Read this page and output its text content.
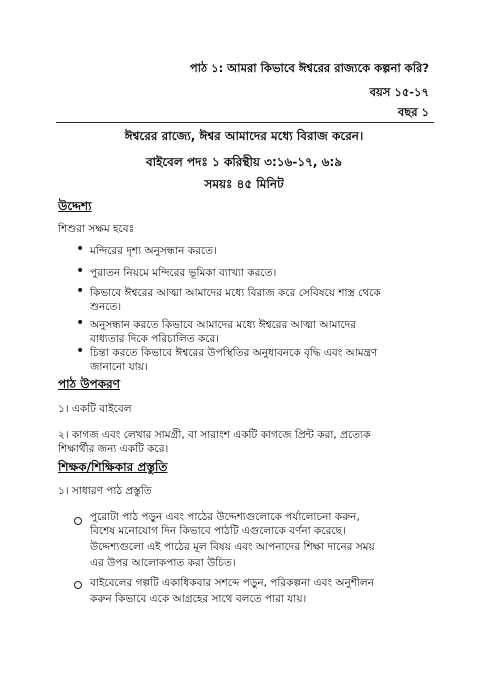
পাঠ ১: আমরা কিভাবে ঈশ্বরের রাজ্যকে কল্পনা করি?
বয়স ১৫-১৭
বছর ১
ঈশ্বরের রাজ্যে, ঈশ্বর আমাদের মধ্যে বিরাজ করেন।
বাইবেল পদঃ ১ করিন্থীয় ৩:১৬-১৭, ৬:৯
সময়ঃ ৪৫ মিনিট
উদ্দেশ্য
শিশুরা সক্ষম হবেঃ
• মন্দিরের দৃশ্য অনুসন্ধান করতে।
• পুরাতন নিয়মে মন্দিরের ভূমিকা ব্যাখ্যা করতে।
• কিভাবে ঈশ্বরের আত্মা আমাদের মধ্যে বিরাজ করে সেবিষয়ে শাস্ত্র থেকে
শুনতে।
• অনুসন্ধান করতে কিভাবে আমাদের মধ্যে ঈশ্বরের আত্মা আমাদের
বাধ্যতার দিকে পরিচালিত করে।
• চিন্তা করতে কিভাবে ঈশ্বরের উপস্থিতির অনুধাবনকে বৃদ্ধি এবং আমন্ত্রণ
জানানো যায়।
পাঠ উপকরণ
১। একটি বাইবেল
২। কাগজ এবং লেখার সামগ্রী, বা সারাংশ একটি কাগজে প্রিন্ট করা, প্রত্যেক
শিক্ষার্থীর জন্য একটি করে।
শিক্ষক/শিক্ষিকার প্রস্তুতি
১। সাধারণ পাঠ প্রস্তুতি
পুরোটা পাঠ পড়ুন এবং পাঠের উদ্দেশ্যগুলোকে পর্যালোচনা করুন,
বিশেষ মনোযোগ দিন কিভাবে পাঠটি এগুলোকে বর্ণনা করেছে।
উদ্দেশ্যগুলো এই পাঠের মূল বিষয় এবং আপনাদের শিক্ষা দানের সময়
এর উপর আলোকপাত করা উচিত।
বাইবেলের গল্পটি একাধিকবার সশব্দে পড়ুন, পরিকল্পনা এবং অনুশীলন
করুন কিভাবে একে আগ্রহের সাথে বলতে পারা যায়।
